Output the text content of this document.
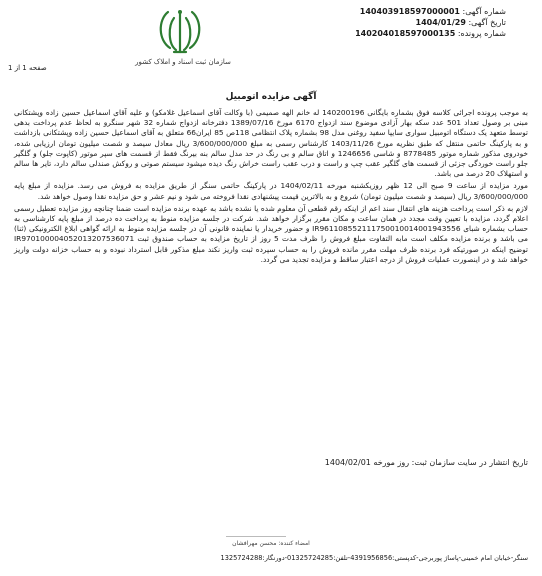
شماره آگهی: 140403918597000001
تاریخ آگهی: 1404/01/29
شماره پرونده: 140204018597000135
سازمان ثبت اسناد و املاک کشور
صفحه 1 از 1
آگهی مزایده اتومبیل

به موجب پرونده اجرائی کلاسه فوق بشماره بایگانی 140200196 له خانم الهه صمیمی (با وکالت آقای اسماعیل غلامکو) و علیه آقای اسماعیل حسین زاده وپشتکانی مبنی بر وصول تعداد 501 عدد سکه بهار آزادی موضوع سند ازدواج 6170 مورخ 1389/07/16 دفترخانه ازدواج شماره 32 شهر سنگرو به لحاظ عدم پرداخت بدهی توسط متعهد یک دستگاه اتومبیل سواری سایپا سفید روغنی مدل 98 بشماره پلاک انتظامی 118ص 85 ایران66 متعلق به آقای اسماعیل حسین زاده وپشتکانی بازداشت و به پارکینگ حاتمی منتقل که طبق نظریه مورخ 1403/11/26 کارشناس رسمی به مبلغ 3/600/000/000 ریال معادل سیصد و شصت میلیون تومان ارزیابی شده، خودروی مذکور شماره موتور 8778485 و شاسی 1246656 و اتاق سالم و بی رنگ در حد مدل سالم بنه بیرنگ فقط از قسمت های سپر موتور (کاپوت جلو) و گلگیر جلو راست خوردگی جزئی از قسمت های گلگیر عقب چپ و راست و درب عقب راست خراش رنگ دیده میشود سیستم صوتی و روکش صندلی سالم دارد، تایر ها سالم و استهلاک 20 درصد می باشد.

مورد مزایده از ساعت 9 صبح الی 12 ظهر روزیکشنبه مورخه 1404/02/11 در پارکینگ حاتمی سنگر از طریق مزایده به فروش می رسد. مزایده از مبلغ پایه 3/600/000/000 ریال (سیصد و شصت میلیون تومان) شروع و به بالاترین قیمت پیشنهادی نقدا فروخته می شود و نیم عشر و حق مزایده نقدا وصول خواهد شد.

لازم به ذکر است پرداخت هزینه های انتقال سند اعم از اینکه رقم قطعی آن معلوم شده یا نشده باشد به عهده برنده مزایده است ضمنا چنانچه روز مزایده تعطیل رسمی اعلام گردد، مزایده با تعیین وقت مجدد در همان ساعت و مکان مقرر برگزار خواهد شد. شرکت در جلسه مزایده منوط به پرداخت ده درصد از مبلغ پایه کارشناسی به حساب بشماره شبای IR961108552111750010014001943556 و حضور خریدار یا نماینده قانونی آن در جلسه مزایده منوط به ارائه گواهی ابلاغ الکترونیکی (ثنا) می باشد و برنده مزایده مکلف است مابه التفاوت مبلغ فروش را ظرف مدت 5 روز از تاریخ مزایده به حساب صندوق ثبت IR970100004052013207536071 توضیح اینکه در صورتیکه فرد برنده ظرف مهلت مقرر مانده فروش را به حساب سپرده ثبت واریز نکند مبلغ مذکور قابل استرداد نبوده و به حساب خزانه دولت واریز خواهد شد و در اینصورت عملیات فروش از درجه اعتبار ساقط و مزایده تجدید می گردد.

تاریخ انتشار در سایت سازمان ثبت: روز مورخه 1404/02/01
امضاء کننده: محسن مهرافشان
سنگر-خیابان امام خمینی-پاساژ پوربرجی-کدپستی:4391956856-تلفن:01325724285-دورنگار:1325724288
